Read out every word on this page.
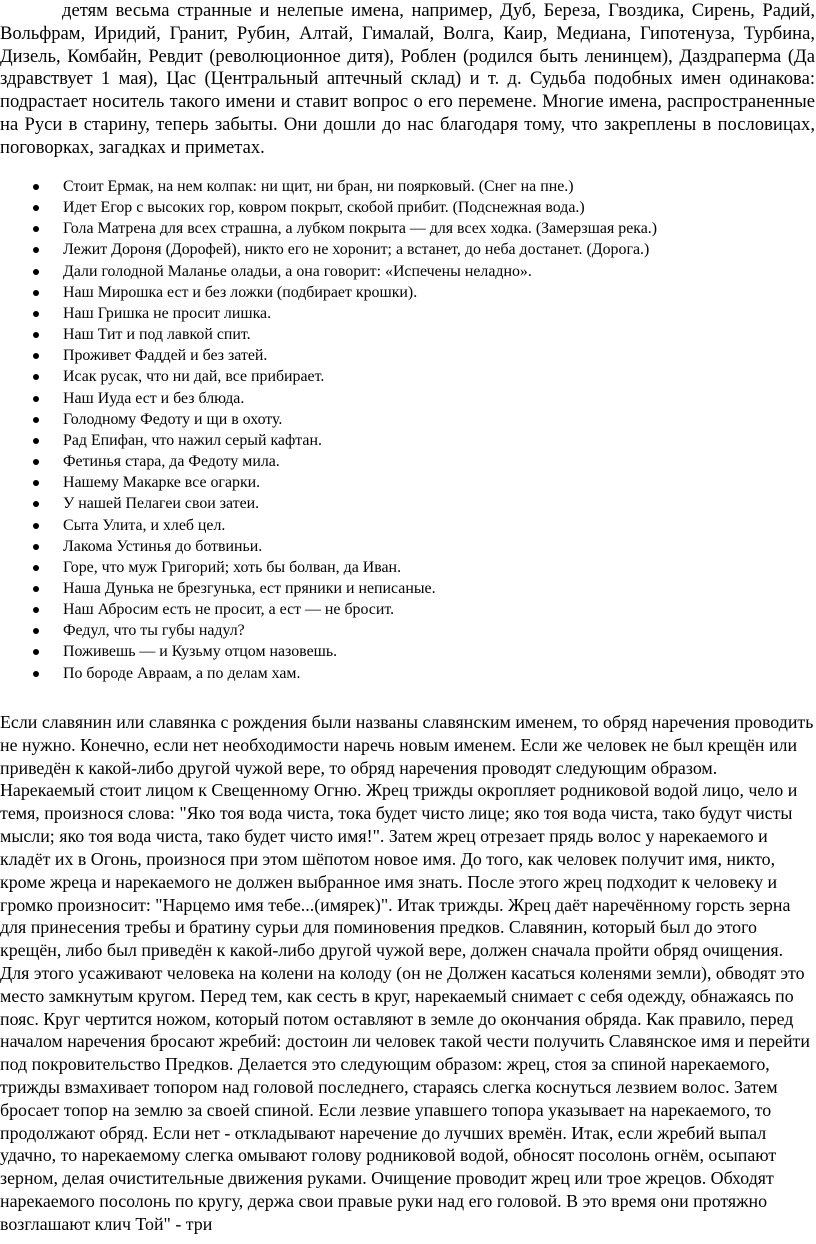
детям весьма странные и нелепые имена, например, Дуб, Береза, Гвоздика, Сирень, Радий, Вольфрам, Иридий, Гранит, Рубин, Алтай, Гималай, Волга, Каир, Медиана, Гипотенуза, Турбина, Дизель, Комбайн, Ревдит (революционное дитя), Роблен (родился быть ленинцем), Даздраперма (Да здравствует 1 мая), Цас (Центральный аптечный склад) и т. д. Судьба подобных имен одинакова: подрастает носитель такого имени и ставит вопрос о его перемене. Многие имена, распространенные на Руси в старину, теперь забыты. Они дошли до нас благодаря тому, что закреплены в пословицах, поговорках, загадках и приметах.

Стоит Ермак, на нем колпак: ни щит, ни бран, ни поярковый. (Снег на пне.)
Идет Егор с высоких гор, ковром покрыт, скобой прибит. (Подснежная вода.)
Гола Матрена для всех страшна, а лубком покрыта — для всех ходка. (Замерзшая река.)
Лежит Дороня (Дорофей), никто его не хоронит; а встанет, до неба достанет. (Дорога.)
Дали голодной Маланье оладьи, а она говорит: «Испечены неладно».
Наш Мирошка ест и без ложки (подбирает крошки).
Наш Гришка не просит лишка.
Наш Тит и под лавкой спит.
Проживет Фаддей и без затей.
Исак русак, что ни дай, все прибирает.
Наш Иуда ест и без блюда.
Голодному Федоту и щи в охоту.
Рад Епифан, что нажил серый кафтан.
Фетинья стара, да Федоту мила.
Нашему Макарке все огарки.
У нашей Пелагеи свои затеи.
Сыта Улита, и хлеб цел.
Лакома Устинья до ботвиньи.
Горе, что муж Григорий; хоть бы болван, да Иван.
Наша Дунька не брезгунька, ест пряники и неписаные.
Наш Абросим есть не просит, а ест — не бросит.
Федул, что ты губы надул?
Поживешь — и Кузьму отцом назовешь.
По бороде Авраам, а по делам хам.

Если славянин или славянка с рождения были названы славянским именем, то обряд наречения проводить не нужно. Конечно, если нет необходимости наречь новым именем. Если же человек не был крещён или приведён к какой-либо другой чужой вере, то обряд наречения проводят следующим образом. Нарекаемый стоит лицом к Свещенному Огню. Жрец трижды окропляет родниковой водой лицо, чело и темя, произнося слова: "Яко тоя вода чиста, тока будет чисто лице; яко тоя вода чиста, тако будут чисты мысли; яко тоя вода чиста, тако будет чисто имя!". Затем жрец отрезает прядь волос у нарекаемого и кладёт их в Огонь, произнося при этом шёпотом новое имя. До того, как человек получит имя, никто, кроме жреца и нарекаемого не должен выбранное имя знать. После этого жрец подходит к человеку и громко произносит: "Нарцемо имя тебе...(имярек)". Итак трижды. Жрец даёт наречённому горсть зерна для принесения требы и братину сурьи для поминовения предков. Славянин, который был до этого крещён, либо был приведён к какой-либо другой чужой вере, должен сначала пройти обряд очищения. Для этого усаживают человека на колени на колоду (он не Должен касаться коленями земли), обводят это место замкнутым кругом. Перед тем, как сесть в круг, нарекаемый снимает с себя одежду, обнажаясь по пояс. Круг чертится ножом, который потом оставляют в земле до окончания обряда. Как правило, перед началом наречения бросают жребий: достоин ли человек такой чести получить Славянское имя и перейти под покровительство Предков. Делается это следующим образом: жрец, стоя за спиной нарекаемого, трижды взмахивает топором над головой последнего, стараясь слегка коснуться лезвием волос. Затем бросает топор на землю за своей спиной. Если лезвие упавшего топора указывает на нарекаемого, то продолжают обряд. Если нет - откладывают наречение до лучших времён. Итак, если жребий выпал удачно, то нарекаемому слегка омывают голову родниковой водой, обносят посолонь огнём, осыпают зерном, делая очистительные движения руками. Очищение проводит жрец или трое жрецов. Обходят нарекаемого посолонь по кругу, держа свои правые руки над его головой. В это время они протяжно возглашают клич Той" - три
